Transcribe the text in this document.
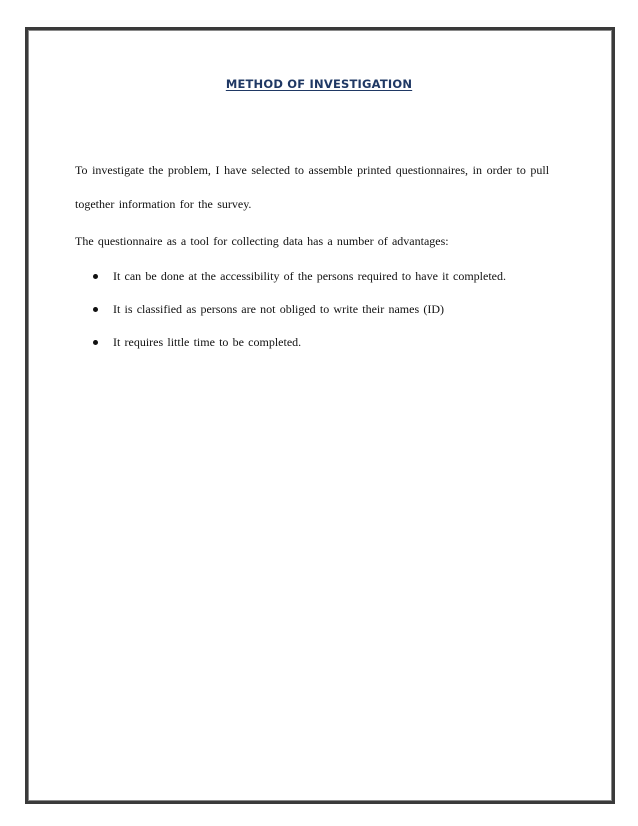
METHOD OF INVESTIGATION
To investigate the problem, I have selected to assemble printed questionnaires, in order to pull
together information for the survey.
The questionnaire as a tool for collecting data has a number of advantages:
It can be done at the accessibility of the persons required to have it completed.
It is classified as persons are not obliged to write their names (ID)
It requires little time to be completed.
